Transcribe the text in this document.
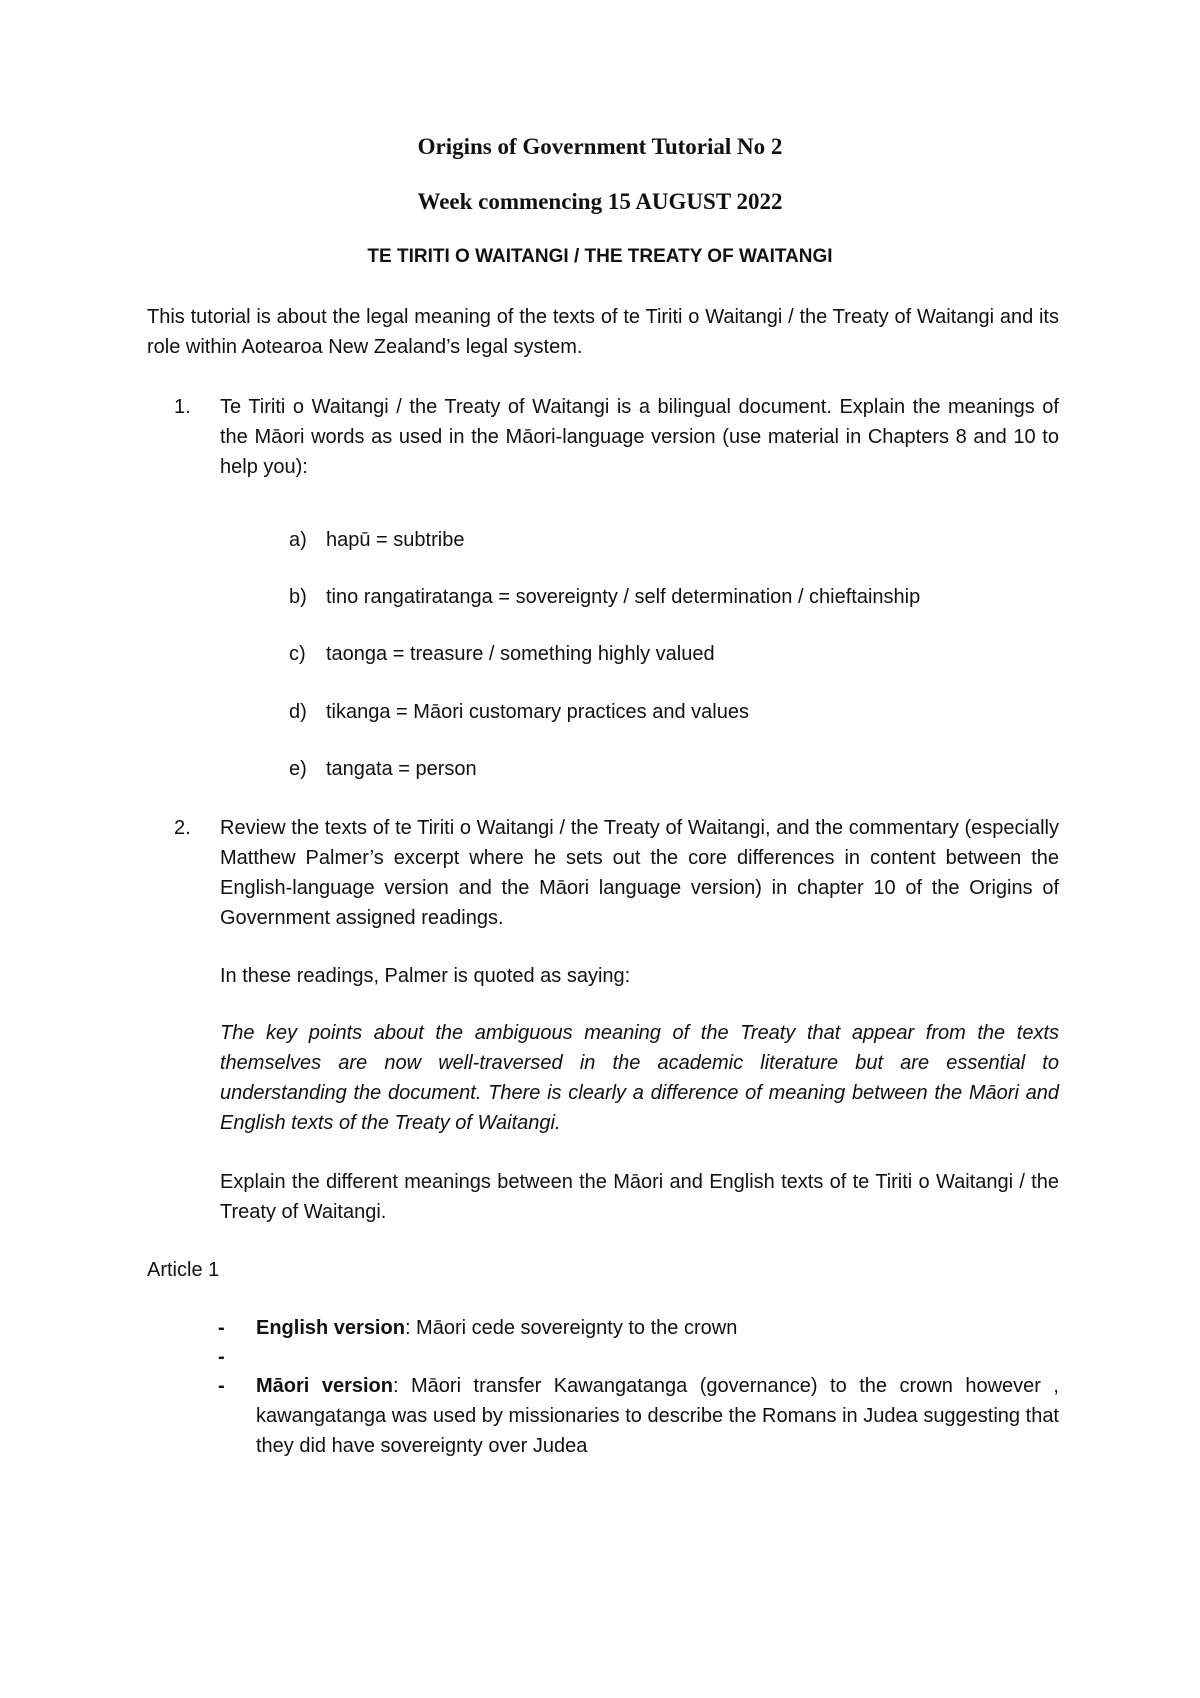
Origins of Government Tutorial No 2
Week commencing 15 AUGUST 2022
TE TIRITI O WAITANGI / THE TREATY OF WAITANGI
This tutorial is about the legal meaning of the texts of te Tiriti o Waitangi / the Treaty of Waitangi and its role within Aotearoa New Zealand’s legal system.
1.	Te Tiriti o Waitangi / the Treaty of Waitangi is a bilingual document. Explain the meanings of the Māori words as used in the Māori-language version (use material in Chapters 8 and 10 to help you):
a) hapū = subtribe
b) tino rangatiratanga = sovereignty / self determination / chieftainship
c)	taonga = treasure / something highly valued
d) tikanga = Māori customary practices and values
e) tangata = person
2.	Review the texts of te Tiriti o Waitangi / the Treaty of Waitangi, and the commentary (especially Matthew Palmer’s excerpt where he sets out the core differences in content between the English-language version and the Māori language version) in chapter 10 of the Origins of Government assigned readings.
In these readings, Palmer is quoted as saying:
The key points about the ambiguous meaning of the Treaty that appear from the texts themselves are now well-traversed in the academic literature but are essential to understanding the document. There is clearly a difference of meaning between the Māori and English texts of the Treaty of Waitangi.
Explain the different meanings between the Māori and English texts of te Tiriti o Waitangi / the Treaty of Waitangi.
Article 1
-	English version: Māori cede sovereignty to the crown
-
-	Māori version: Māori transfer Kawangatanga (governance) to the crown however , kawangatanga was used by missionaries to describe the Romans in Judea suggesting that they did have sovereignty over Judea
